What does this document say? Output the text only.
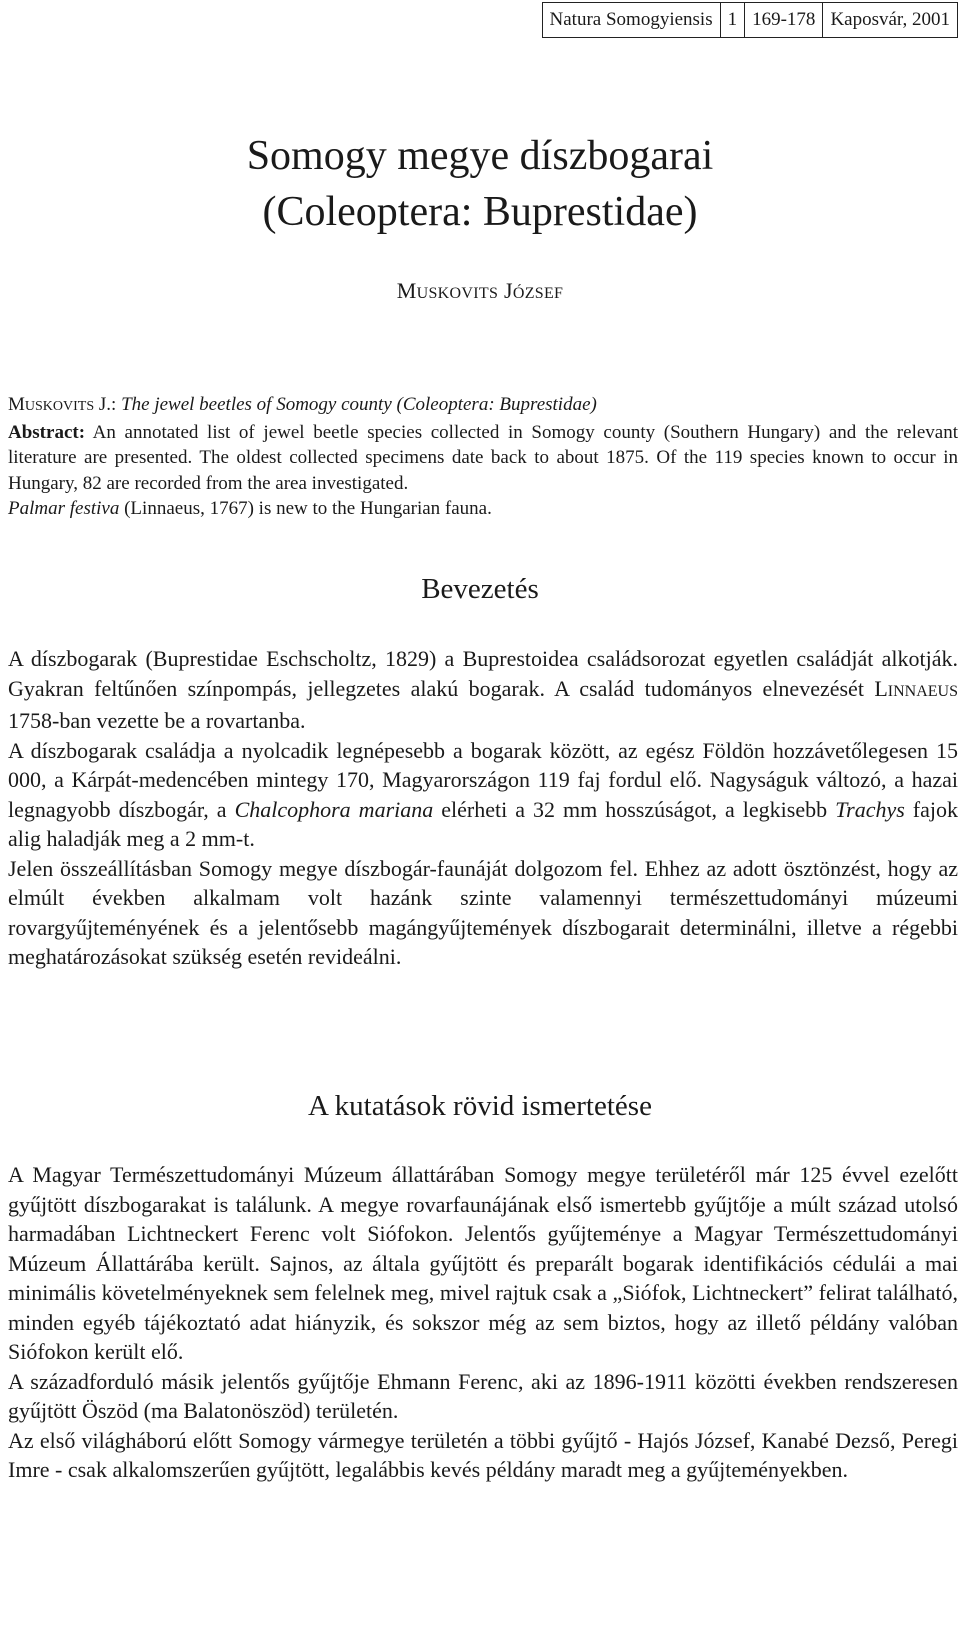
Natura Somogyiensis 1 169-178 Kaposvár, 2001
Somogy megye díszbogarai
(Coleoptera: Buprestidae)
MUSKOVITS JÓZSEF

MUSKOVITS J.: The jewel beetles of Somogy county (Coleoptera: Buprestidae)

Abstract: An annotated list of jewel beetle species collected in Somogy county (Southern Hungary) and the relevant literature are presented. The oldest collected specimens date back to about 1875. Of the 119 species known to occur in Hungary, 82 are recorded from the area investigated.
Palmar festiva (Linnaeus, 1767) is new to the Hungarian fauna.

Bevezetés

A díszbogarak (Buprestidae Eschscholtz, 1829) a Buprestoidea családsorozat egyetlen családját alkotják. Gyakran feltűnően színpompás, jellegzetes alakú bogarak. A család tudományos elnevezését LINNAEUS 1758-ban vezette be a rovartanba.

A díszbogarak családja a nyolcadik legnépesebb a bogarak között, az egész Földön hozzávetőlegesen 15 000, a Kárpát-medencében mintegy 170, Magyarországon 119 faj fordul elő. Nagyságuk változó, a hazai legnagyobb díszbogár, a Chalcophora mariana elérheti a 32 mm hosszúságot, a legkisebb Trachys fajok alig haladják meg a 2 mm-t.

Jelen összeállításban Somogy megye díszbogár-faunáját dolgozom fel. Ehhez az adott ösztönzést, hogy az elmúlt években alkalmam volt hazánk szinte valamennyi természettudományi múzeumi rovargyűjteményének és a jelentősebb magángyűjtemények díszbogarait determinálni, illetve a régebbi meghatározásokat szükség esetén revideálni.

A kutatások rövid ismertetése

A Magyar Természettudományi Múzeum állattárában Somogy megye területéről már 125 évvel ezelőtt gyűjtött díszbogarakat is találunk. A megye rovarfaunájának első ismertebb gyűjtője a múlt század utolsó harmadában Lichtneckert Ferenc volt Siófokon. Jelentős gyűjteménye a Magyar Természettudományi Múzeum Állattárába került. Sajnos, az általa gyűjtött és preparált bogarak identifikációs cédulái a mai minimális követelményeknek sem felelnek meg, mivel rajtuk csak a „Siófok, Lichtneckert” felirat található, minden egyéb tájékoztató adat hiányzik, és sokszor még az sem biztos, hogy az illető példány valóban Siófokon került elő.

A századforduló másik jelentős gyűjtője Ehmann Ferenc, aki az 1896-1911 közötti években rendszeresen gyűjtött Öszöd (ma Balatonöszöd) területén.

Az első világháború előtt Somogy vármegye területén a többi gyűjtő - Hajós József, Kanabé Dezső, Peregi Imre - csak alkalomszerűen gyűjtött, legalábbis kevés példány maradt meg a gyűjteményekben.
